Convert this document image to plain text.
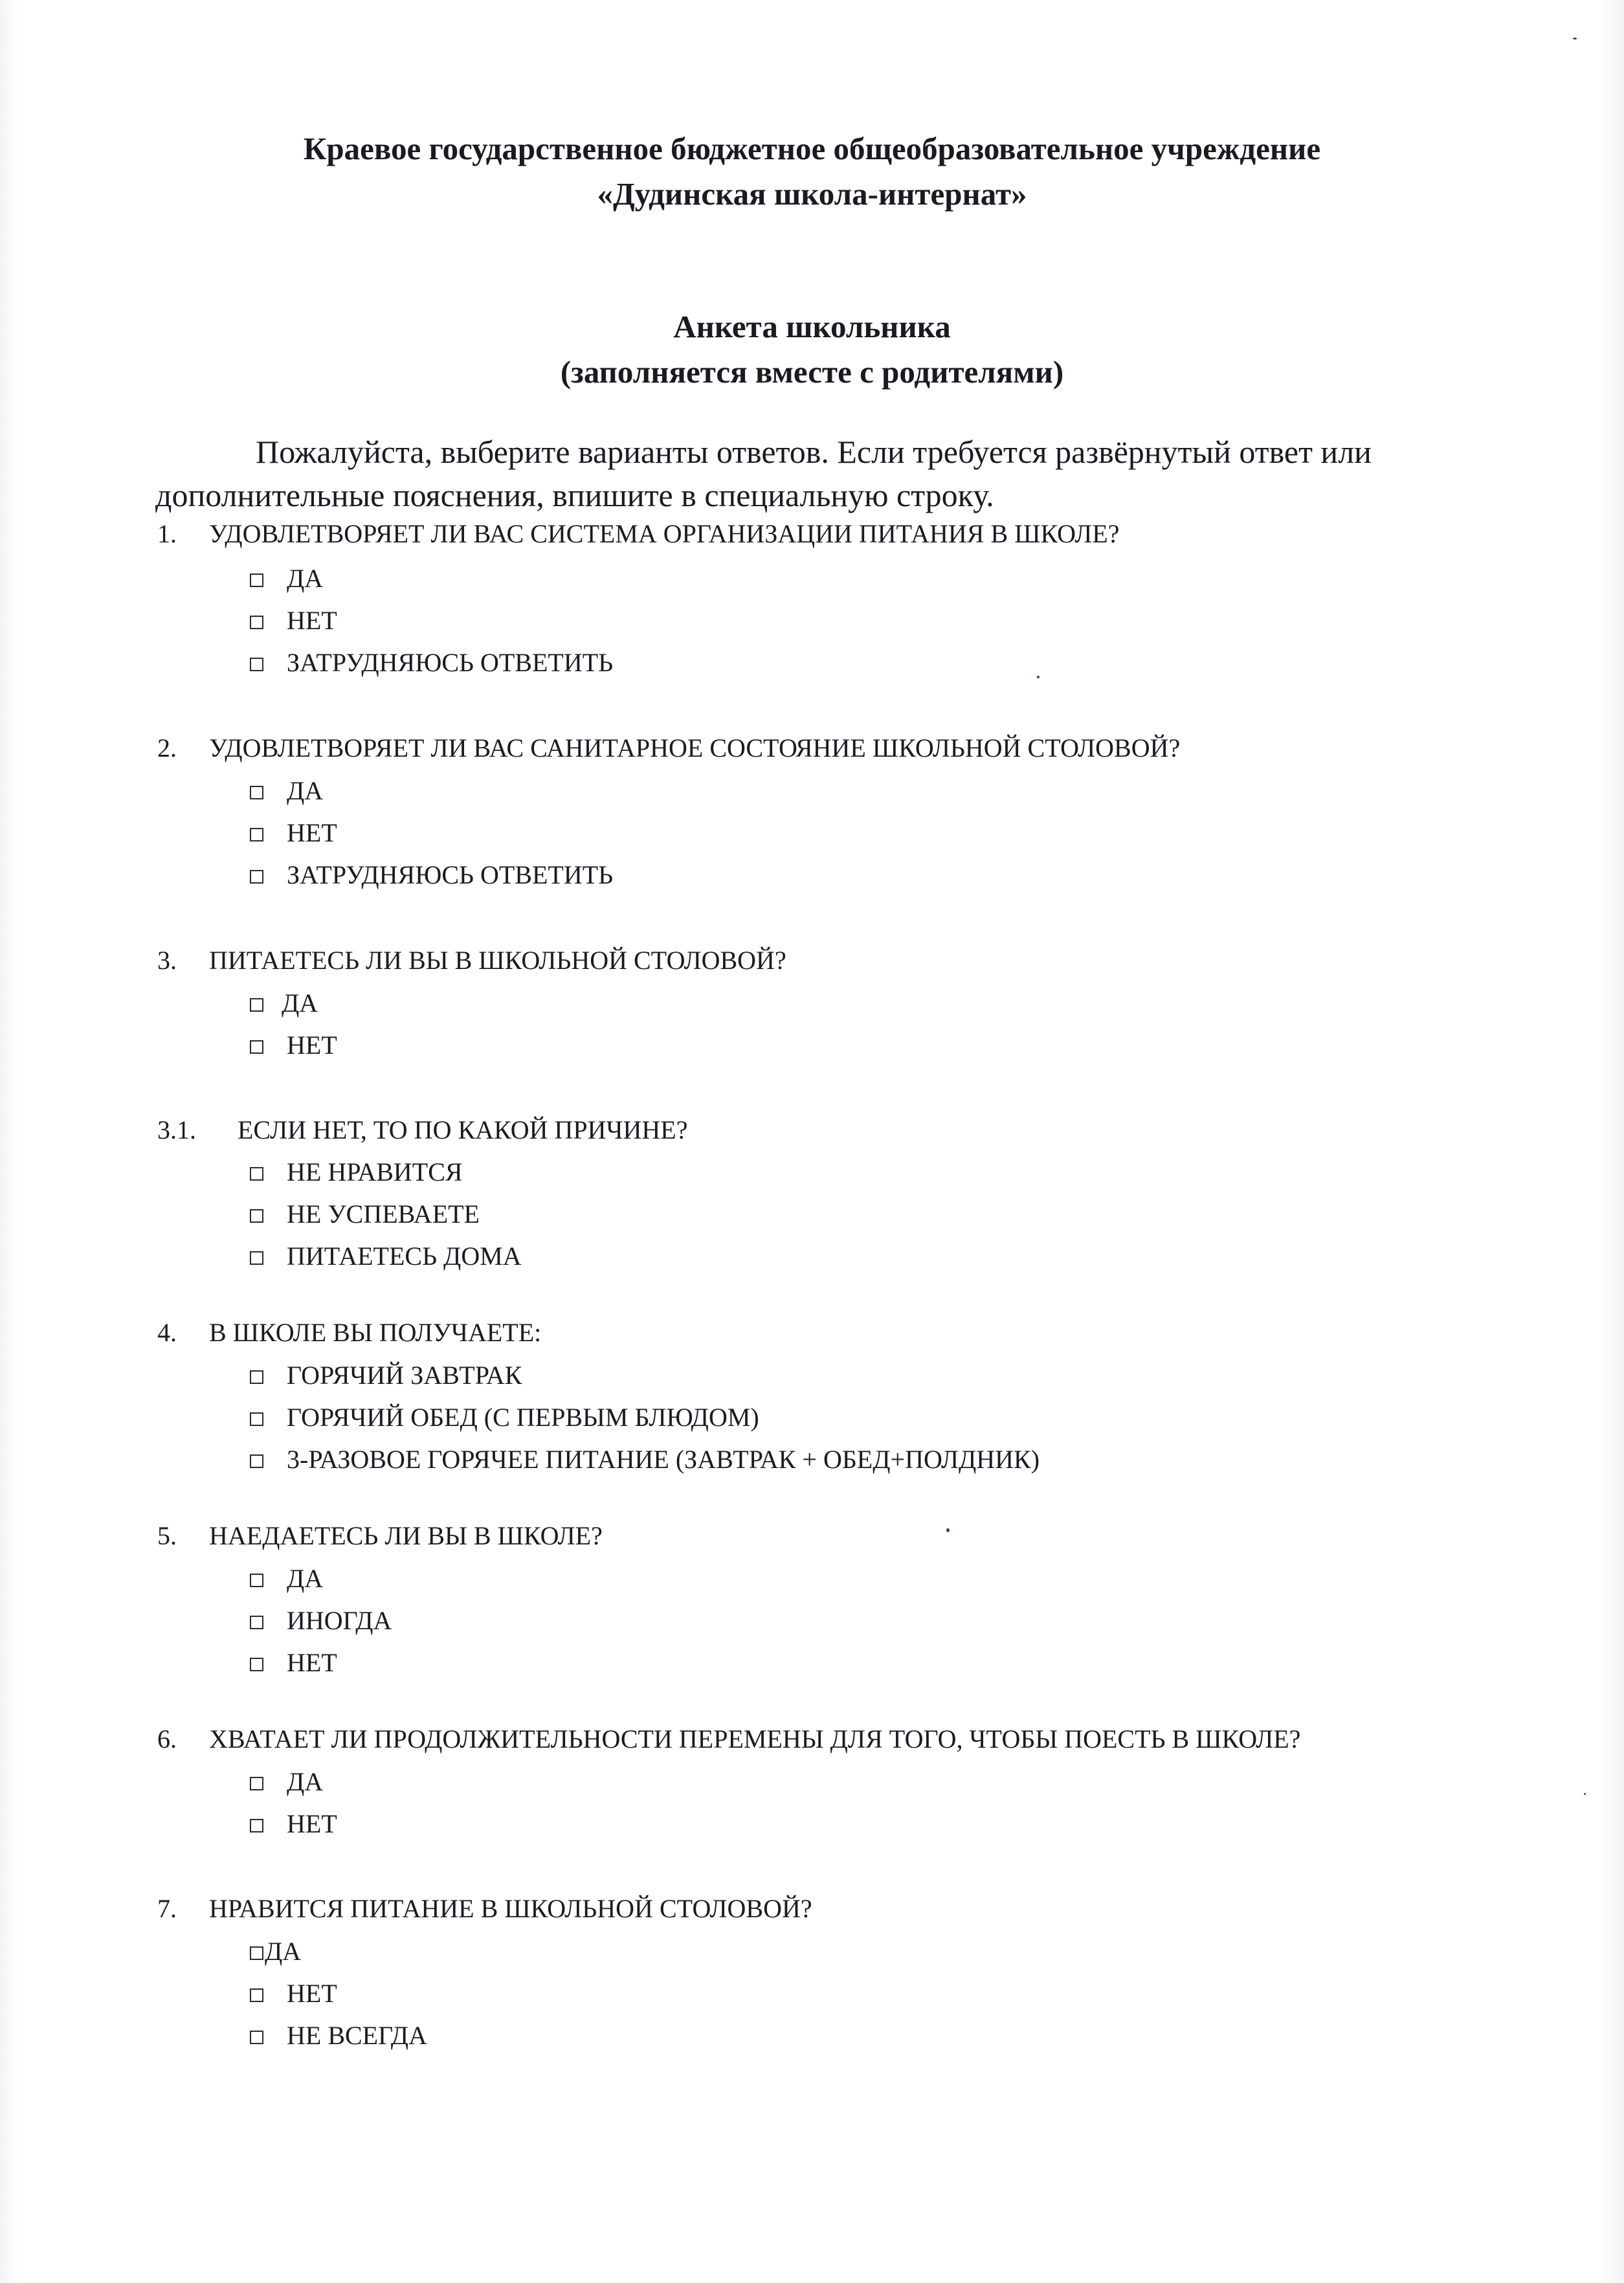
Краевое государственное бюджетное общеобразовательное учреждение
«Дудинская школа-интернат»
Анкета школьника
(заполняется вместе с родителями)
Пожалуйста, выберите варианты ответов. Если требуется развёрнутый ответ или
дополнительные пояснения, впишите в специальную строку.
1. УДОВЛЕТВОРЯЕТ ЛИ ВАС СИСТЕМА ОРГАНИЗАЦИИ ПИТАНИЯ В ШКОЛЕ?
ДА
НЕТ
ЗАТРУДНЯЮСЬ ОТВЕТИТЬ
2. УДОВЛЕТВОРЯЕТ ЛИ ВАС САНИТАРНОЕ СОСТОЯНИЕ ШКОЛЬНОЙ СТОЛОВОЙ?
ДА
НЕТ
ЗАТРУДНЯЮСЬ ОТВЕТИТЬ
3. ПИТАЕТЕСЬ ЛИ ВЫ В ШКОЛЬНОЙ СТОЛОВОЙ?
ДА
НЕТ
3.1. ЕСЛИ НЕТ, ТО ПО КАКОЙ ПРИЧИНЕ?
НЕ НРАВИТСЯ
НЕ УСПЕВАЕТЕ
ПИТАЕТЕСЬ ДОМА
4. В ШКОЛЕ ВЫ ПОЛУЧАЕТЕ:
ГОРЯЧИЙ ЗАВТРАК
ГОРЯЧИЙ ОБЕД (С ПЕРВЫМ БЛЮДОМ)
3-РАЗОВОЕ ГОРЯЧЕЕ ПИТАНИЕ (ЗАВТРАК + ОБЕД+ПОЛДНИК)
5. НАЕДАЕТЕСЬ ЛИ ВЫ В ШКОЛЕ?
ДА
ИНОГДА
НЕТ
6. ХВАТАЕТ ЛИ ПРОДОЛЖИТЕЛЬНОСТИ ПЕРЕМЕНЫ ДЛЯ ТОГО, ЧТОБЫ ПОЕСТЬ В ШКОЛЕ?
ДА
НЕТ
7. НРАВИТСЯ ПИТАНИЕ В ШКОЛЬНОЙ СТОЛОВОЙ?
ДА
НЕТ
НЕ ВСЕГДА
